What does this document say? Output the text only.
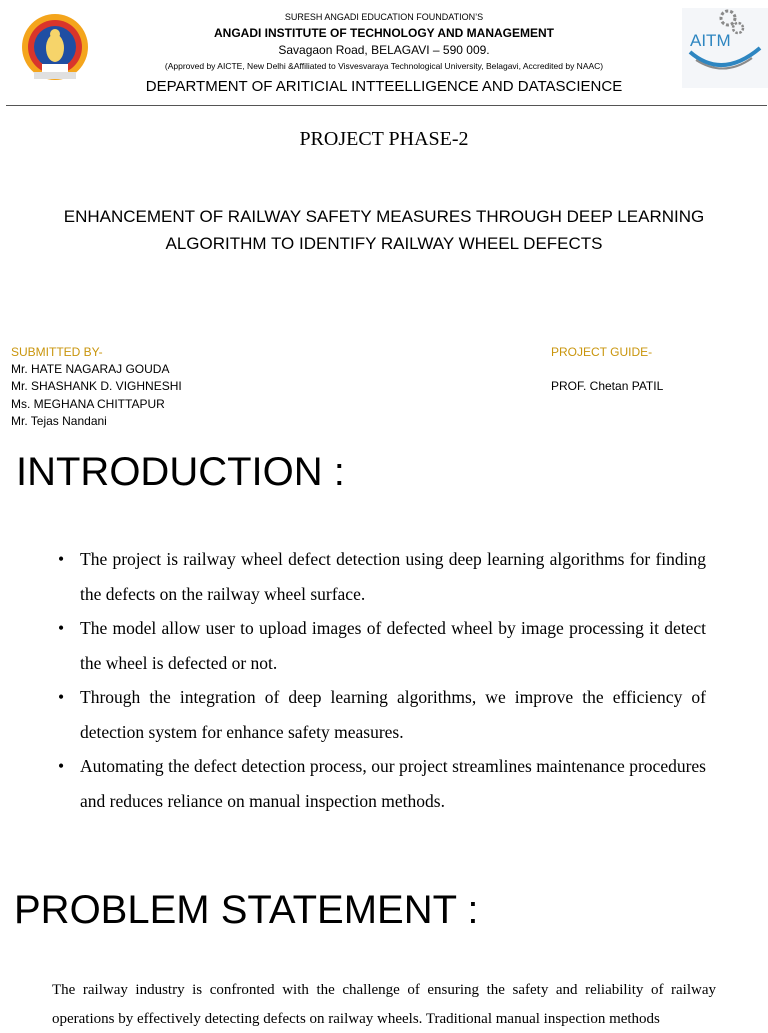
AITM
SURESH ANGADI EDUCATION FOUNDATION’S
ANGADI INSTITUTE OF TECHNOLOGY AND MANAGEMENT
Savagaon Road, BELAGAVI – 590 009.
(Approved by AICTE, New Delhi &Affiliated to Visvesvaraya Technological University, Belagavi, Accredited by NAAC)
DEPARTMENT OF ARITICIAL INTTEELLIGENCE AND DATASCIENCE
PROJECT PHASE-2
ENHANCEMENT OF RAILWAY SAFETY MEASURES THROUGH DEEP LEARNING
ALGORITHM TO IDENTIFY RAILWAY WHEEL DEFECTS
SUBMITTED BY-
Mr. HATE NAGARAJ GOUDA
Mr. SHASHANK D. VIGHNESHI
Ms. MEGHANA CHITTAPUR
Mr. Tejas Nandani
PROJECT GUIDE-
PROF. Chetan PATIL
INTRODUCTION :
• The project is railway wheel defect detection using deep learning algorithms for finding the defects on the railway wheel surface.
• The model allow user to upload images of defected wheel by image processing it detect the wheel is defected or not.
• Through the integration of deep learning algorithms, we improve the efficiency of detection system for enhance safety measures.
• Automating the defect detection process, our project streamlines maintenance procedures and reduces reliance on manual inspection methods.
PROBLEM STATEMENT :
The railway industry is confronted with the challenge of ensuring the safety and reliability of railway operations by effectively detecting defects on railway wheels. Traditional manual inspection methods
